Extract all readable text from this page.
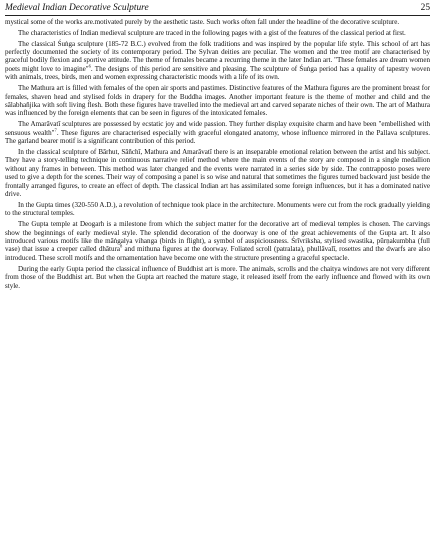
Medieval Indian Decorative Sculpture	25

mystical some of the works are.motivated purely by the aesthetic taste. Such works often fall under the headline of the decorative sculpture.

The characteristics of Indian medieval sculpture are traced in the following pages with a gist of the features of the classical period at first.

The classical Śuṅga sculpture (185-72 B.C.) evolved from the folk traditions and was inspired by the popular life style. This school of art has perfectly documented the society of its contemporary period. The Sylvan deities are peculiar. The women and the tree motif are characterised by graceful bodily flexion and sportive attitude. The theme of females became a recurring theme in the later Indian art. "These females are dream women poets might love to imagine"$^6$. The designs of this period are sensitive and pleasing. The sculpture of Śuṅga period has a quality of tapestry woven with animals, trees, birds, men and women expressing characteristic moods with a life of its own.

The Mathura art is filled with females of the open air sports and pastimes. Distinctive features of the Mathura figures are the prominent breast for females, shaven head and stylised folds in drapery for the Buddha images. Another important feature is the theme of mother and child and the sālabhañjika with soft living flesh. Both these figures have travelled into the medieval art and carved separate niches of their own. The art of Mathura was influenced by the foreign elements that can be seen in figures of the intoxicated females.

The Amarāvatī sculptures are possessed by ecstatic joy and wide passion. They further display exquisite charm and have been "embellished with sensuous wealth"$^7$. These figures are characterised especially with graceful elongated anatomy, whose influence mirrored in the Pallava sculptures. The garland bearer motif is a significant contribution of this period.

In the classical sculpture of Bārhut, Sāñchī, Mathura and Amarāvatī there is an inseparable emotional relation between the artist and his subject. They have a story-telling technique in continuous narrative relief method where the main events of the story are composed in a single medallion without any frames in between. This method was later changed and the events were narrated in a series side by side. The contrapposto poses were used to give a depth for the scenes. Their way of composing a panel is so wise and natural that sometimes the figures turned backward just beside the frontally arranged figures, to create an effect of depth. The classical Indian art has assimilated some foreign influences, but it has a dominated native drive.

In the Gupta times (320-550 A.D.), a revolution of technique took place in the architecture. Monuments were cut from the rock gradually yielding to the structural temples.

The Gupta temple at Deogarh is a milestone from which the subject matter for the decorative art of medieval temples is chosen. The carvings show the beginnings of early medieval style. The splendid decoration of the doorway is one of the great achievements of the Gupta art. It also introduced various motifs like the māṅgalya vihanga (birds in flight), a symbol of auspiciousness. Śrīvriksha, stylised swastika, pūrṇakumbha (full vase) that issue a creeper called dhātura$^8$ and mithuna figures at the doorway. Foliated scroll (patralata), phullāvalī, rosettes and the dwarfs are also introduced. These scroll motifs and the ornamentation have become one with the structure presenting a graceful spectacle.

During the early Gupta period the classical influence of Buddhist art is more. The animals, scrolls and the chaitya windows are not very different from those of the Buddhist art. But when the Gupta art reached the mature stage, it released itself from the early influence and flowed with its own style.
